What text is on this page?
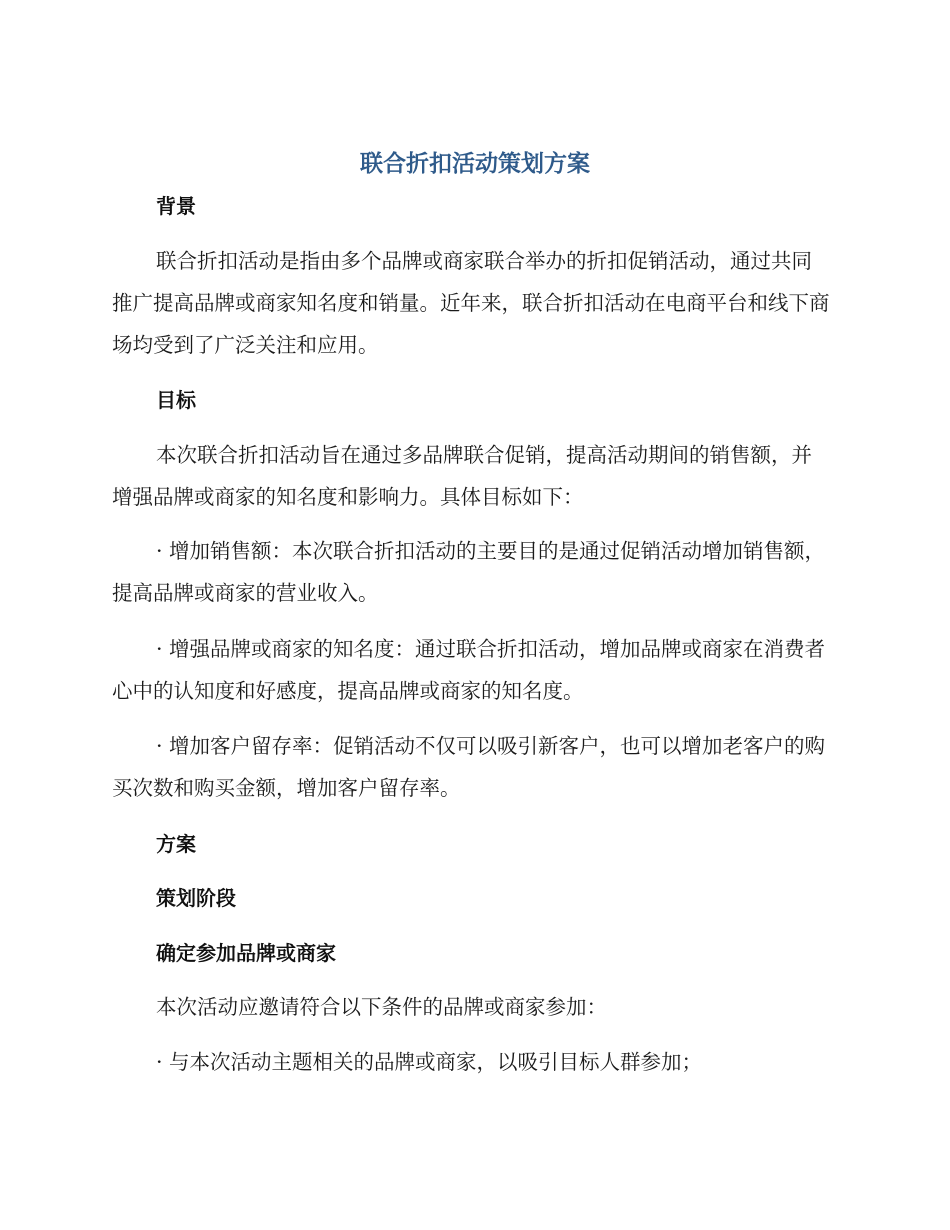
联合折扣活动策划方案
背景
联合折扣活动是指由多个品牌或商家联合举办的折扣促销活动，通过共同推广提高品牌或商家知名度和销量。近年来，联合折扣活动在电商平台和线下商场均受到了广泛关注和应用。
目标
本次联合折扣活动旨在通过多品牌联合促销，提高活动期间的销售额，并增强品牌或商家的知名度和影响力。具体目标如下：
· 增加销售额：本次联合折扣活动的主要目的是通过促销活动增加销售额，提高品牌或商家的营业收入。
· 增强品牌或商家的知名度：通过联合折扣活动，增加品牌或商家在消费者心中的认知度和好感度，提高品牌或商家的知名度。
· 增加客户留存率：促销活动不仅可以吸引新客户，也可以增加老客户的购买次数和购买金额，增加客户留存率。
方案
策划阶段
确定参加品牌或商家
本次活动应邀请符合以下条件的品牌或商家参加：
· 与本次活动主题相关的品牌或商家，以吸引目标人群参加；
